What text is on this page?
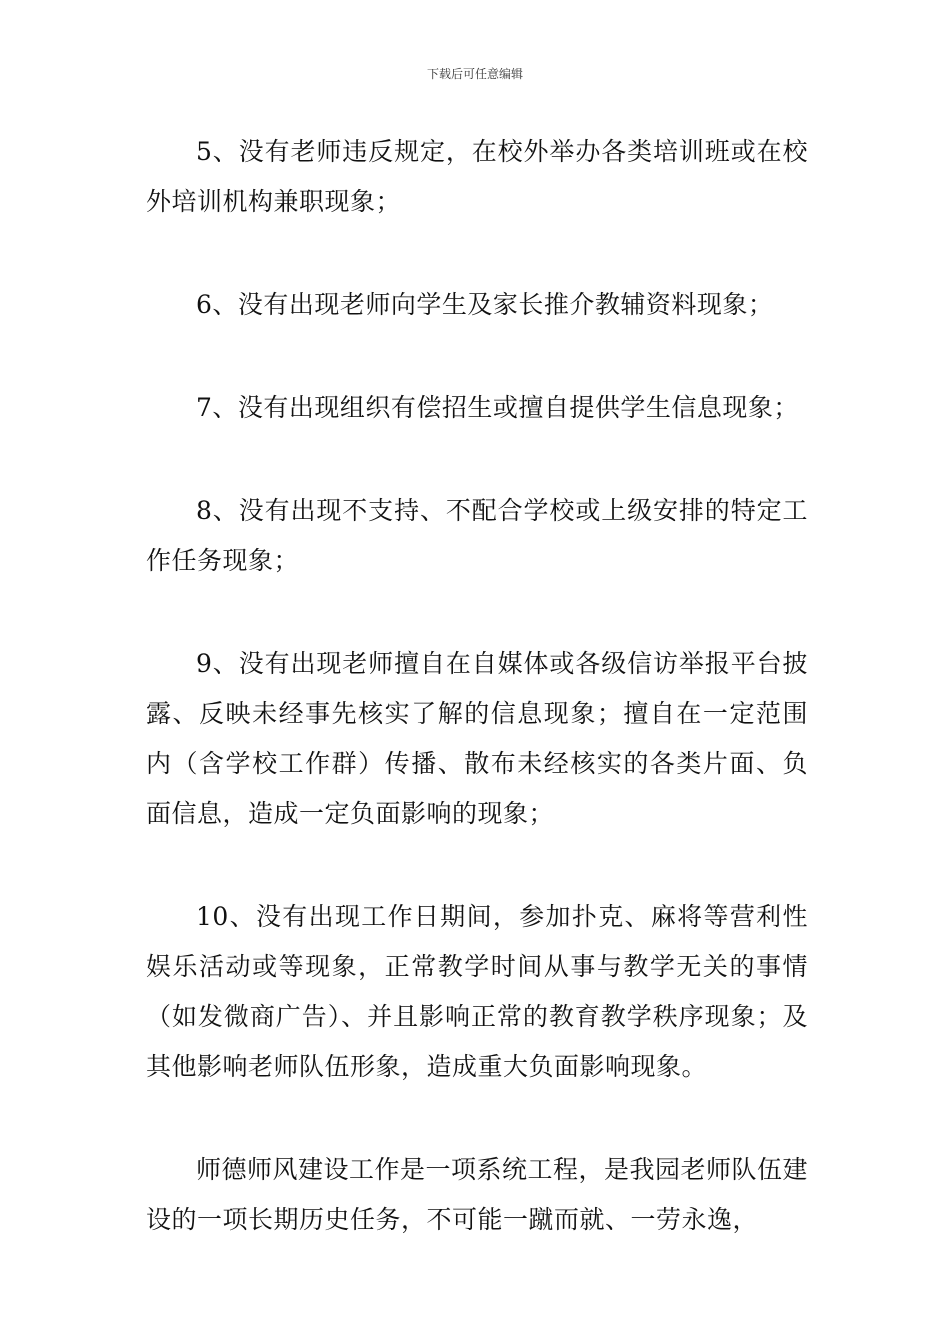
下载后可任意编辑

5、没有老师违反规定，在校外举办各类培训班或在校外培训机构兼职现象；

6、没有出现老师向学生及家长推介教辅资料现象；

7、没有出现组织有偿招生或擅自提供学生信息现象；

8、没有出现不支持、不配合学校或上级安排的特定工作任务现象；

9、没有出现老师擅自在自媒体或各级信访举报平台披露、反映未经事先核实了解的信息现象；擅自在一定范围内（含学校工作群）传播、散布未经核实的各类片面、负面信息，造成一定负面影响的现象；

10、没有出现工作日期间，参加扑克、麻将等营利性娱乐活动或等现象，正常教学时间从事与教学无关的事情（如发微商广告）、并且影响正常的教育教学秩序现象；及其他影响老师队伍形象，造成重大负面影响现象。

师德师风建设工作是一项系统工程，是我园老师队伍建设的一项长期历史任务，不可能一蹴而就、一劳永逸，
